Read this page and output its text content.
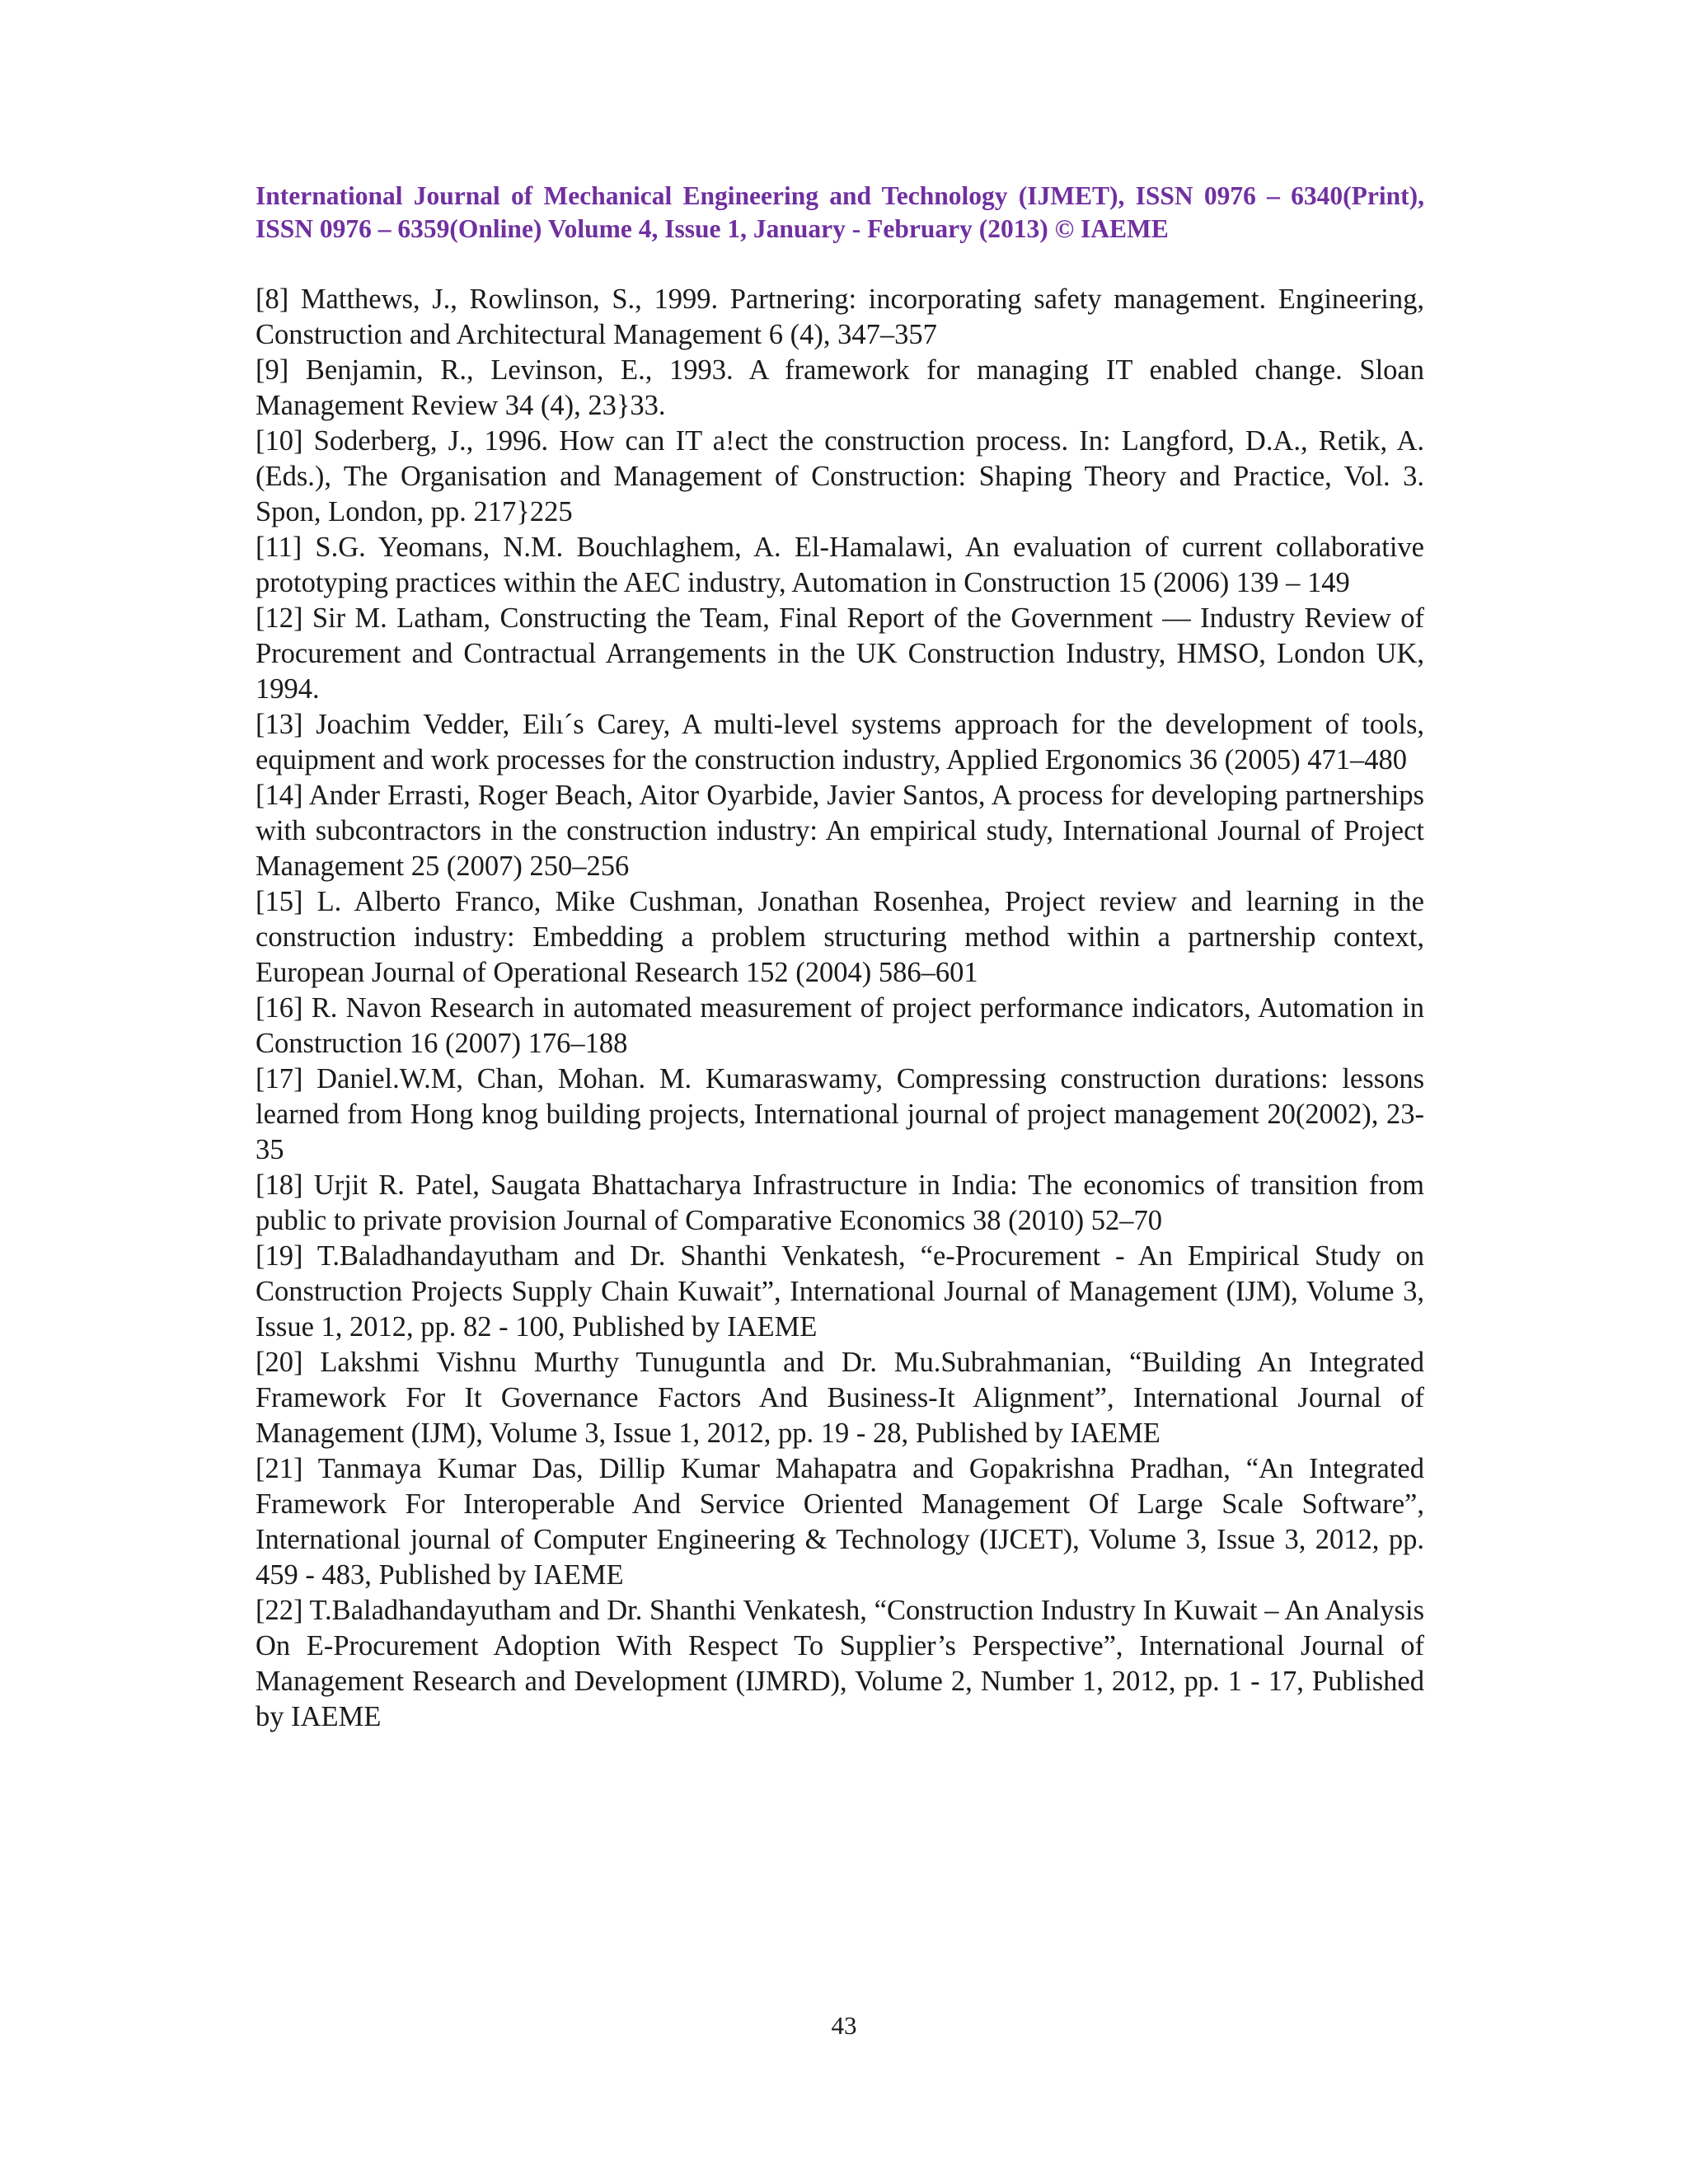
International Journal of Mechanical Engineering and Technology (IJMET), ISSN 0976 – 6340(Print), ISSN 0976 – 6359(Online) Volume 4, Issue 1, January - February (2013) © IAEME

[8] Matthews, J., Rowlinson, S., 1999. Partnering: incorporating safety management. Engineering, Construction and Architectural Management 6 (4), 347–357
[9] Benjamin, R., Levinson, E., 1993. A framework for managing IT enabled change. Sloan Management Review 34 (4), 23}33.
[10] Soderberg, J., 1996. How can IT a!ect the construction process. In: Langford, D.A., Retik, A. (Eds.), The Organisation and Management of Construction: Shaping Theory and Practice, Vol. 3. Spon, London, pp. 217}225
[11] S.G. Yeomans, N.M. Bouchlaghem, A. El-Hamalawi, An evaluation of current collaborative prototyping practices within the AEC industry, Automation in Construction 15 (2006) 139 – 149
[12] Sir M. Latham, Constructing the Team, Final Report of the Government — Industry Review of Procurement and Contractual Arrangements in the UK Construction Industry, HMSO, London UK, 1994.
[13] Joachim Vedder, Eilı´s Carey, A multi-level systems approach for the development of tools, equipment and work processes for the construction industry, Applied Ergonomics 36 (2005) 471–480
[14] Ander Errasti, Roger Beach, Aitor Oyarbide, Javier Santos, A process for developing partnerships with subcontractors in the construction industry: An empirical study, International Journal of Project Management 25 (2007) 250–256
[15] L. Alberto Franco, Mike Cushman, Jonathan Rosenhea, Project review and learning in the construction industry: Embedding a problem structuring method within a partnership context, European Journal of Operational Research 152 (2004) 586–601
[16] R. Navon Research in automated measurement of project performance indicators, Automation in Construction 16 (2007) 176–188
[17] Daniel.W.M, Chan, Mohan. M. Kumaraswamy, Compressing construction durations: lessons learned from Hong knog building projects, International journal of project management 20(2002), 23-35
[18] Urjit R. Patel, Saugata Bhattacharya Infrastructure in India: The economics of transition from public to private provision Journal of Comparative Economics 38 (2010) 52–70
[19] T.Baladhandayutham and Dr. Shanthi Venkatesh, “e-Procurement - An Empirical Study on Construction Projects Supply Chain Kuwait”, International Journal of Management (IJM), Volume 3, Issue 1, 2012, pp. 82 - 100, Published by IAEME
[20] Lakshmi Vishnu Murthy Tunuguntla and Dr. Mu.Subrahmanian, “Building An Integrated Framework For It Governance Factors And Business-It Alignment”, International Journal of Management (IJM), Volume 3, Issue 1, 2012, pp. 19 - 28, Published by IAEME
[21] Tanmaya Kumar Das, Dillip Kumar Mahapatra and Gopakrishna Pradhan, “An Integrated Framework For Interoperable And Service Oriented Management Of Large Scale Software”, International journal of Computer Engineering & Technology (IJCET), Volume 3, Issue 3, 2012, pp. 459 - 483, Published by IAEME
[22] T.Baladhandayutham and Dr. Shanthi Venkatesh, “Construction Industry In Kuwait – An Analysis On E-Procurement Adoption With Respect To Supplier’s Perspective”, International Journal of Management Research and Development (IJMRD), Volume 2, Number 1, 2012, pp. 1 - 17, Published by IAEME
43
